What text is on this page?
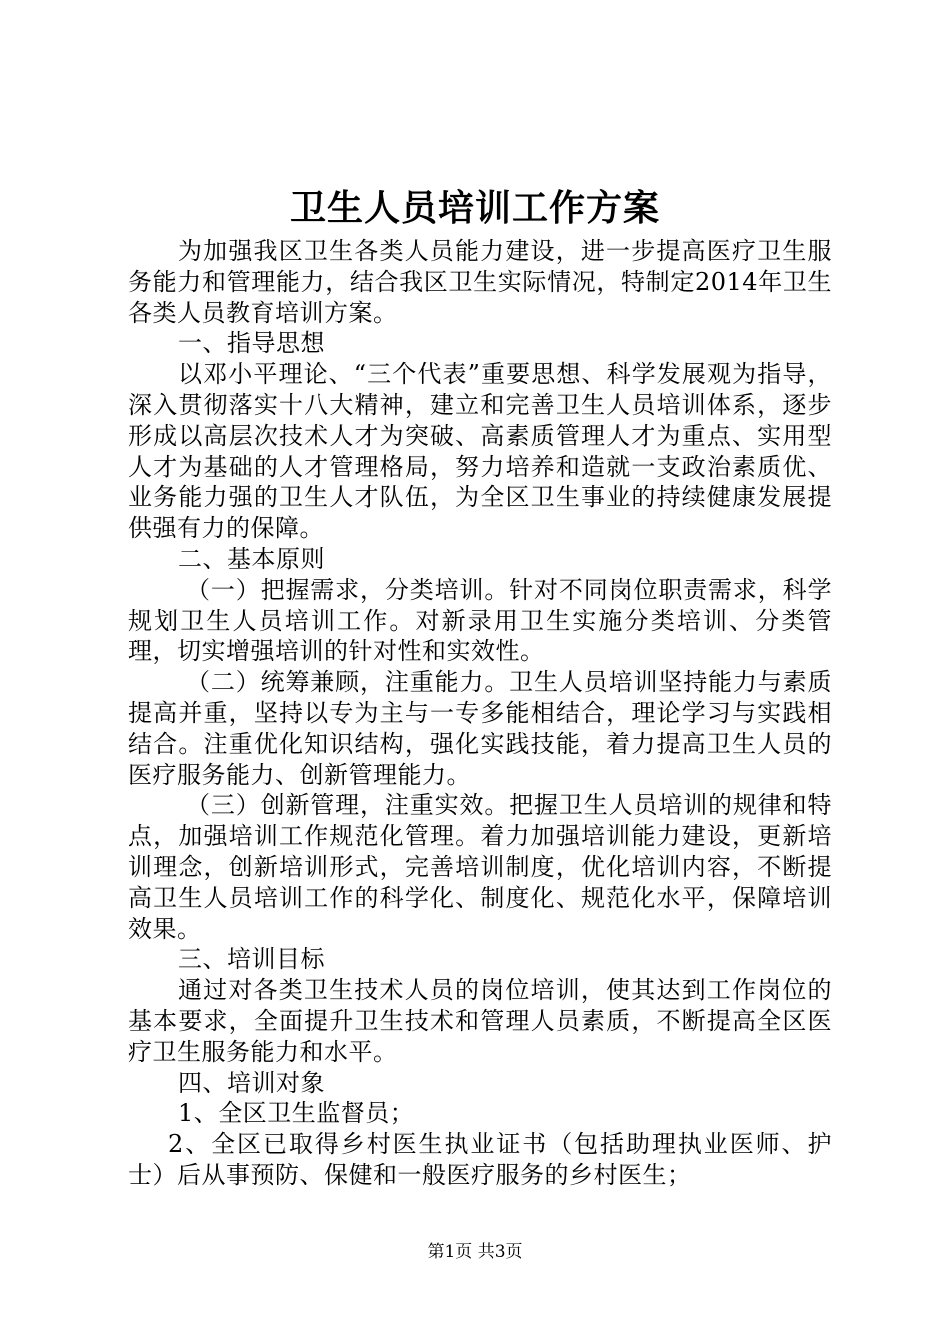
卫生人员培训工作方案

为加强我区卫生各类人员能力建设，进一步提高医疗卫生服务能力和管理能力，结合我区卫生实际情况，特制定2014年卫生各类人员教育培训方案。

一、指导思想

以邓小平理论、“三个代表”重要思想、科学发展观为指导，深入贯彻落实十八大精神，建立和完善卫生人员培训体系，逐步形成以高层次技术人才为突破、高素质管理人才为重点、实用型人才为基础的人才管理格局，努力培养和造就一支政治素质优、业务能力强的卫生人才队伍，为全区卫生事业的持续健康发展提供强有力的保障。

二、基本原则

（一）把握需求，分类培训。针对不同岗位职责需求，科学规划卫生人员培训工作。对新录用卫生实施分类培训、分类管理，切实增强培训的针对性和实效性。

（二）统筹兼顾，注重能力。卫生人员培训坚持能力与素质提高并重，坚持以专为主与一专多能相结合，理论学习与实践相结合。注重优化知识结构，强化实践技能，着力提高卫生人员的医疗服务能力、创新管理能力。

（三）创新管理，注重实效。把握卫生人员培训的规律和特点，加强培训工作规范化管理。着力加强培训能力建设，更新培训理念，创新培训形式，完善培训制度，优化培训内容，不断提高卫生人员培训工作的科学化、制度化、规范化水平，保障培训效果。

三、培训目标

通过对各类卫生技术人员的岗位培训，使其达到工作岗位的基本要求，全面提升卫生技术和管理人员素质，不断提高全区医疗卫生服务能力和水平。

四、培训对象

1、全区卫生监督员；

2、全区已取得乡村医生执业证书（包括助理执业医师、护士）后从事预防、保健和一般医疗服务的乡村医生；

第1页 共3页
